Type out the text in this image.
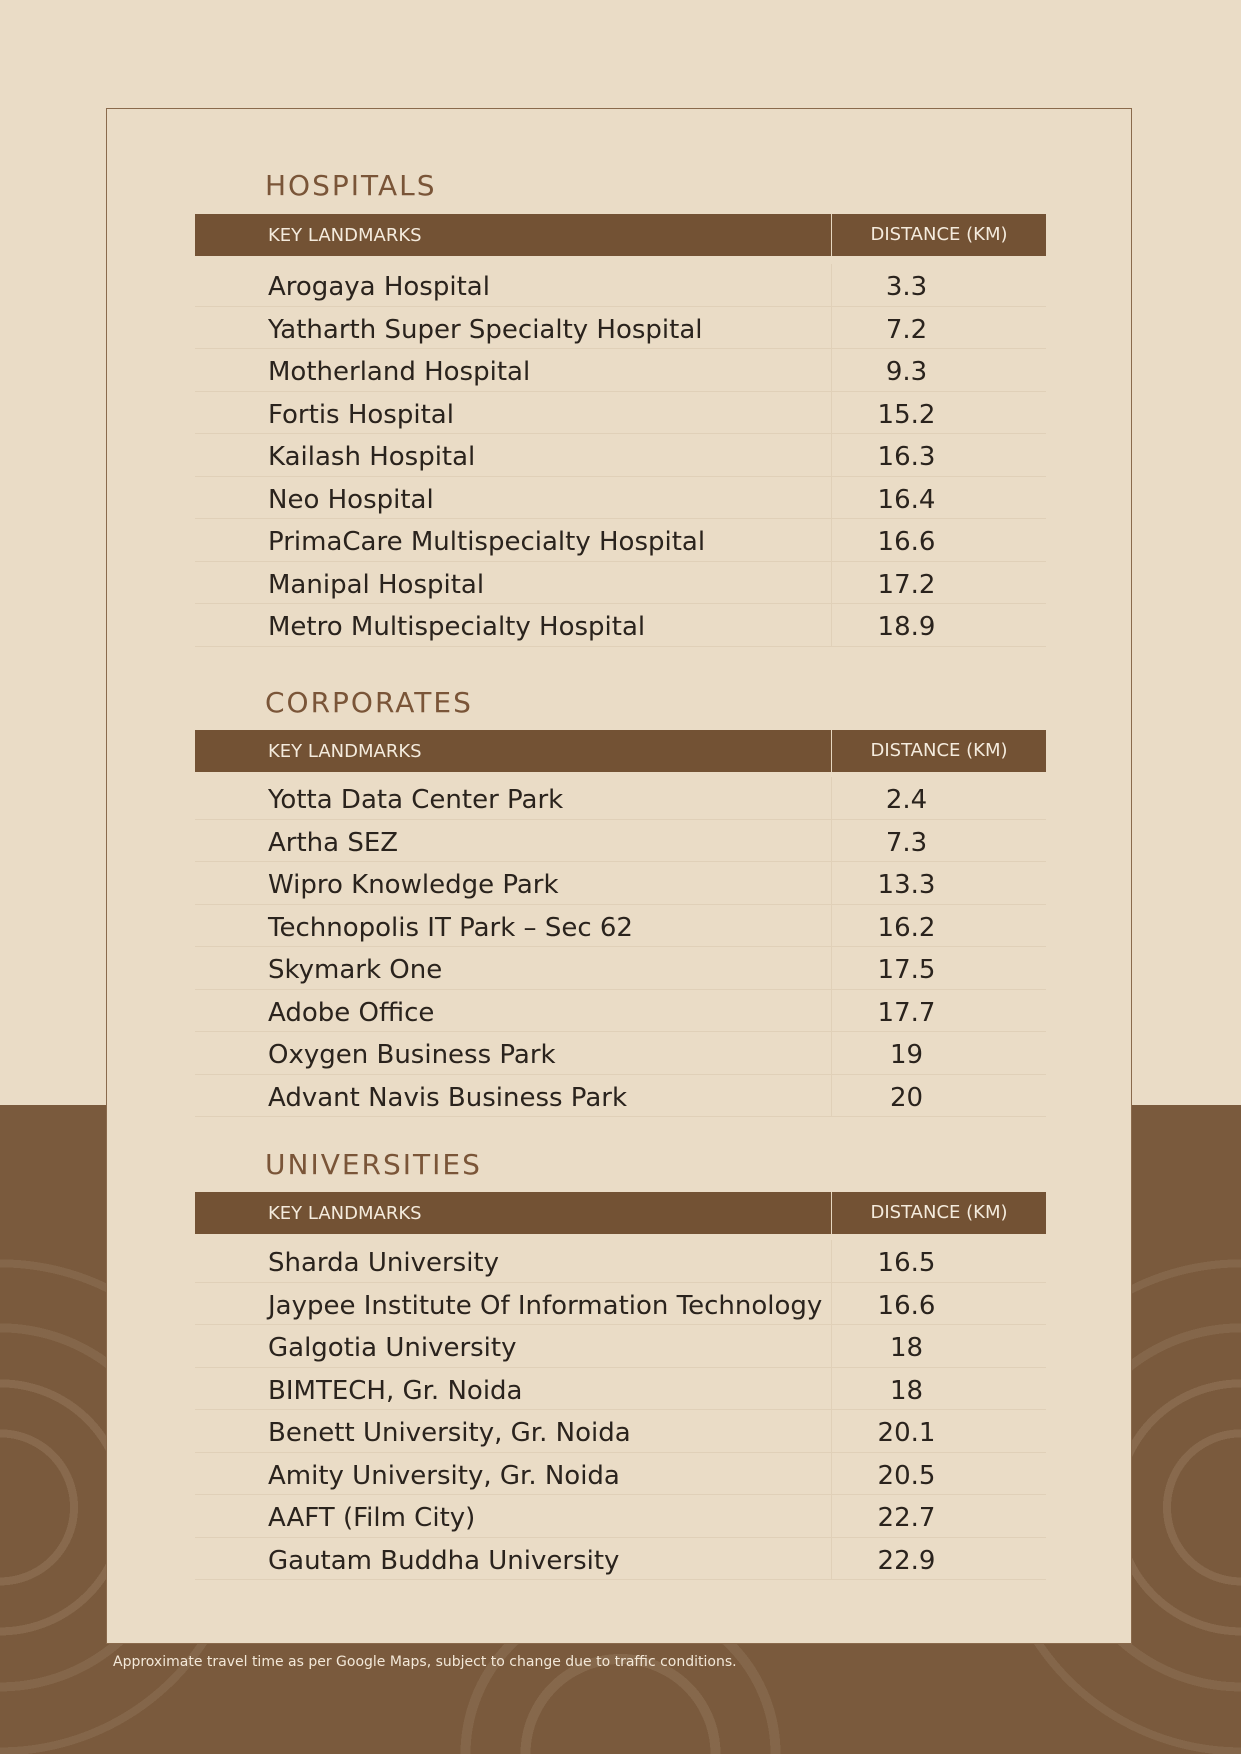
HOSPITALS
KEY LANDMARKS	DISTANCE (KM)
Arogaya Hospital	3.3
Yatharth Super Specialty Hospital	7.2
Motherland Hospital	9.3
Fortis Hospital	15.2
Kailash Hospital	16.3
Neo Hospital	16.4
PrimaCare Multispecialty Hospital	16.6
Manipal Hospital	17.2
Metro Multispecialty Hospital	18.9
CORPORATES
KEY LANDMARKS	DISTANCE (KM)
Yotta Data Center Park	2.4
Artha SEZ	7.3
Wipro Knowledge Park	13.3
Technopolis IT Park – Sec 62	16.2
Skymark One	17.5
Adobe Office	17.7
Oxygen Business Park	19
Advant Navis Business Park	20
UNIVERSITIES
KEY LANDMARKS	DISTANCE (KM)
Sharda University	16.5
Jaypee Institute Of Information Technology	16.6
Galgotia University	18
BIMTECH, Gr. Noida	18
Benett University, Gr. Noida	20.1
Amity University, Gr. Noida	20.5
AAFT (Film City)	22.7
Gautam Buddha University	22.9
Approximate travel time as per Google Maps, subject to change due to traffic conditions.
